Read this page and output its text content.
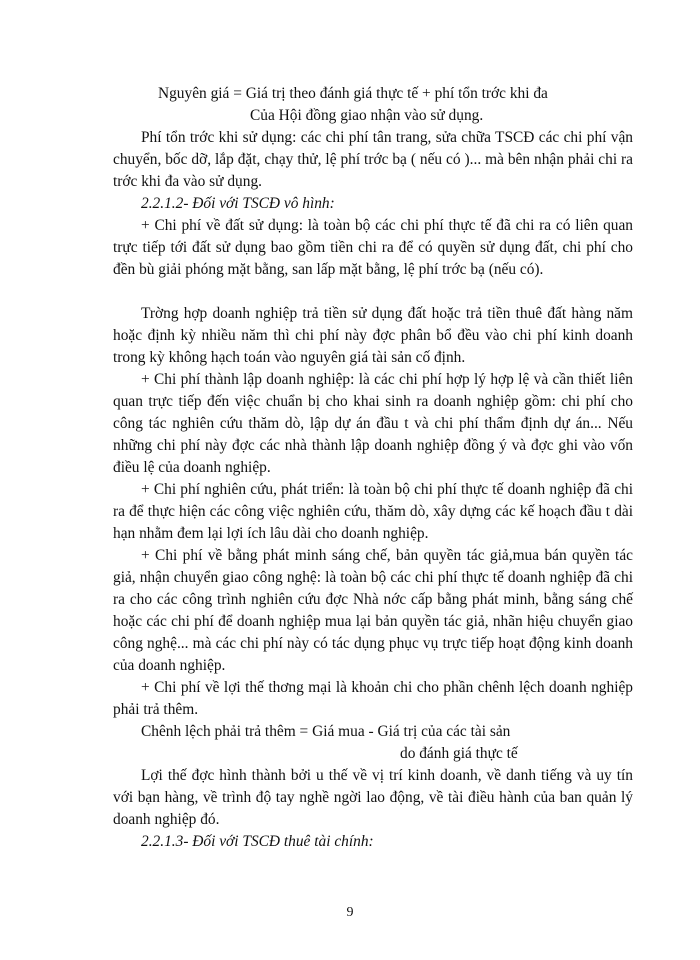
Nguyên giá = Giá trị theo đánh giá thực tế + phí tổn trớc khi đa

Của Hội đồng giao nhận vào sử dụng.

Phí tổn trớc khi sử dụng: các chi phí tân trang, sửa chữa TSCĐ các chi phí vận chuyển, bốc dỡ, lắp đặt, chạy thử, lệ phí trớc bạ ( nếu có )... mà bên nhận phải chi ra trớc khi đa vào sử dụng.

2.2.1.2- Đối với TSCĐ vô hình:

+ Chi phí về đất sử dụng: là toàn bộ các chi phí thực tế đã chi ra có liên quan trực tiếp tới đất sử dụng bao gồm tiền chi ra để có quyền sử dụng đất, chi phí cho đền bù giải phóng mặt bằng, san lấp mặt bằng, lệ phí trớc bạ (nếu có).

Trờng hợp doanh nghiệp trả tiền sử dụng đất hoặc trả tiền thuê đất hàng năm hoặc định kỳ nhiều năm thì chi phí này đợc phân bổ đều vào chi phí kinh doanh trong kỳ không hạch toán vào nguyên giá tài sản cố định.

+ Chi phí thành lập doanh nghiệp: là các chi phí hợp lý hợp lệ và cần thiết liên quan trực tiếp đến việc chuẩn bị cho khai sinh ra doanh nghiệp gồm: chi phí cho công tác nghiên cứu thăm dò, lập dự án đầu t và chi phí thẩm định dự án... Nếu những chi phí này đợc các nhà thành lập doanh nghiệp đồng ý và đợc ghi vào vốn điều lệ của doanh nghiệp.

+ Chi phí nghiên cứu, phát triển: là toàn bộ chi phí thực tế doanh nghiệp đã chi ra để thực hiện các công việc nghiên cứu, thăm dò, xây dựng các kế hoạch đầu t dài hạn nhằm đem lại lợi ích lâu dài cho doanh nghiệp.

+ Chi phí về bằng phát minh sáng chế, bản quyền tác giả,mua bán quyền tác giả, nhận chuyển giao công nghệ: là toàn bộ các chi phí thực tế doanh nghiệp đã chi ra cho các công trình nghiên cứu đợc Nhà nớc cấp bằng phát minh, bằng sáng chế hoặc các chi phí để doanh nghiệp mua lại bản quyền tác giả, nhãn hiệu chuyển giao công nghệ... mà các chi phí này có tác dụng phục vụ trực tiếp hoạt động kinh doanh của doanh nghiệp.

+ Chi phí về lợi thế thơng mại là khoản chi cho phần chênh lệch doanh nghiệp phải trả thêm.

Chênh lệch phải trả thêm = Giá mua - Giá trị của các tài sản

do đánh giá thực tế

Lợi thế đợc hình thành bởi u thế về vị trí kinh doanh, về danh tiếng và uy tín với bạn hàng, về trình độ tay nghề ngời lao động, về tài điều hành của ban quản lý doanh nghiệp đó.

2.2.1.3- Đối với TSCĐ thuê tài chính:

9
